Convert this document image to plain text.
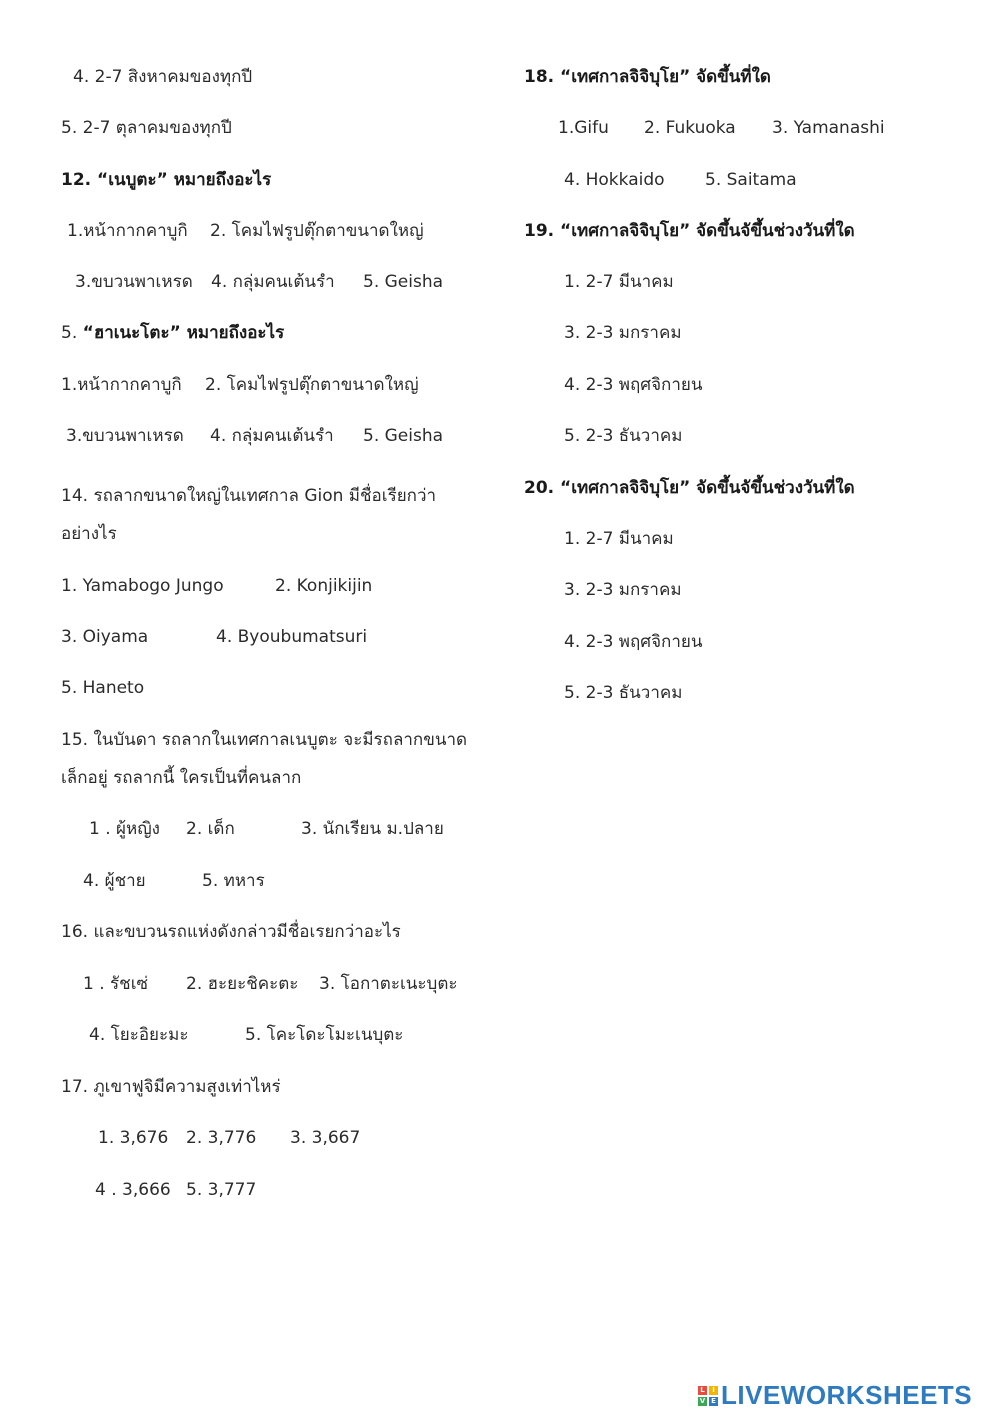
4. 2-7 สิงหาคมของทุกปี
5. 2-7 ตุลาคมของทุกปี
12. “เนบูตะ” หมายถึงอะไร
1.หน้ากากคาบูกิ 2. โคมไฟรูปตุ๊กตาขนาดใหญ่
3.ขบวนพาเหรด 4. กลุ่มคนเต้นรำ 5. Geisha
5. “ฮาเนะโตะ” หมายถึงอะไร
1.หน้ากากคาบูกิ 2. โคมไฟรูปตุ๊กตาขนาดใหญ่
3.ขบวนพาเหรด 4. กลุ่มคนเต้นรำ 5. Geisha
14. รถลากขนาดใหญ่ในเทศกาล Gion มีชื่อเรียกว่า
อย่างไร
1. Yamabogo Jungo	2. Konjikijin
3. Oiyama	4. Byoubumatsuri
5. Haneto
15. ในบันดา รถลากในเทศกาลเนบูตะ จะมีรถลากขนาด
เล็กอยู่ รถลากนี้ ใครเป็นที่คนลาก
1 . ผู้หญิง 2. เด็ก	3. นักเรียน ม.ปลาย
4. ผู้ชาย	5. ทหาร
16. และขบวนรถแห่งดังกล่าวมีชื่อเรยกว่าอะไร
1 . รัชเซ่ 2. ฮะยะชิคะตะ 3. โอกาตะเนะบุตะ
4. โยะอิยะมะ	5. โคะโดะโมะเนบุตะ
17. ภูเขาฟูจิมีความสูงเท่าไหร่
1. 3,676 2. 3,776 3. 3,667
4 . 3,666 5. 3,777
18. “เทศกาลจิจิบุโย” จัดขึ้นที่ใด
1.Gifu 2. Fukuoka 3. Yamanashi
4. Hokkaido 5. Saitama
19. “เทศกาลจิจิบุโย” จัดขึ้นจัขึ้นช่วงวันที่ใด
1. 2-7 มีนาคม
3. 2-3 มกราคม
4. 2-3 พฤศจิกายน
5. 2-3 ธันวาคม
20. “เทศกาลจิจิบุโย” จัดขึ้นจัขึ้นช่วงวันที่ใด
1. 2-7 มีนาคม
3. 2-3 มกราคม
4. 2-3 พฤศจิกายน
5. 2-3 ธันวาคม
L	I
V E LIVEWORKSHEETS
